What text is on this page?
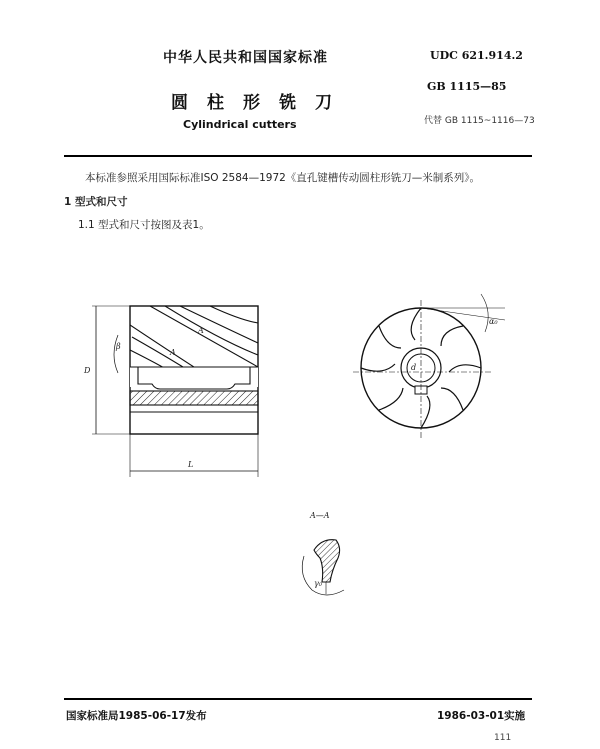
中华人民共和国国家标准	UDC 621.914.2
圆柱形铣刀
GB 1115—85
Cylindrical cutters	代替 GB 1115~1116—73
本标准参照采用国际标准ISO 2584—1972《直孔键槽传动圆柱形铣刀—米制系列》。
1 型式和尺寸
1.1 型式和尺寸按图及表1。
D
β
A
A
L
d
α₀
A—A
γ₀
国家标准局1985-06-17发布	1986-03-01实施
111
